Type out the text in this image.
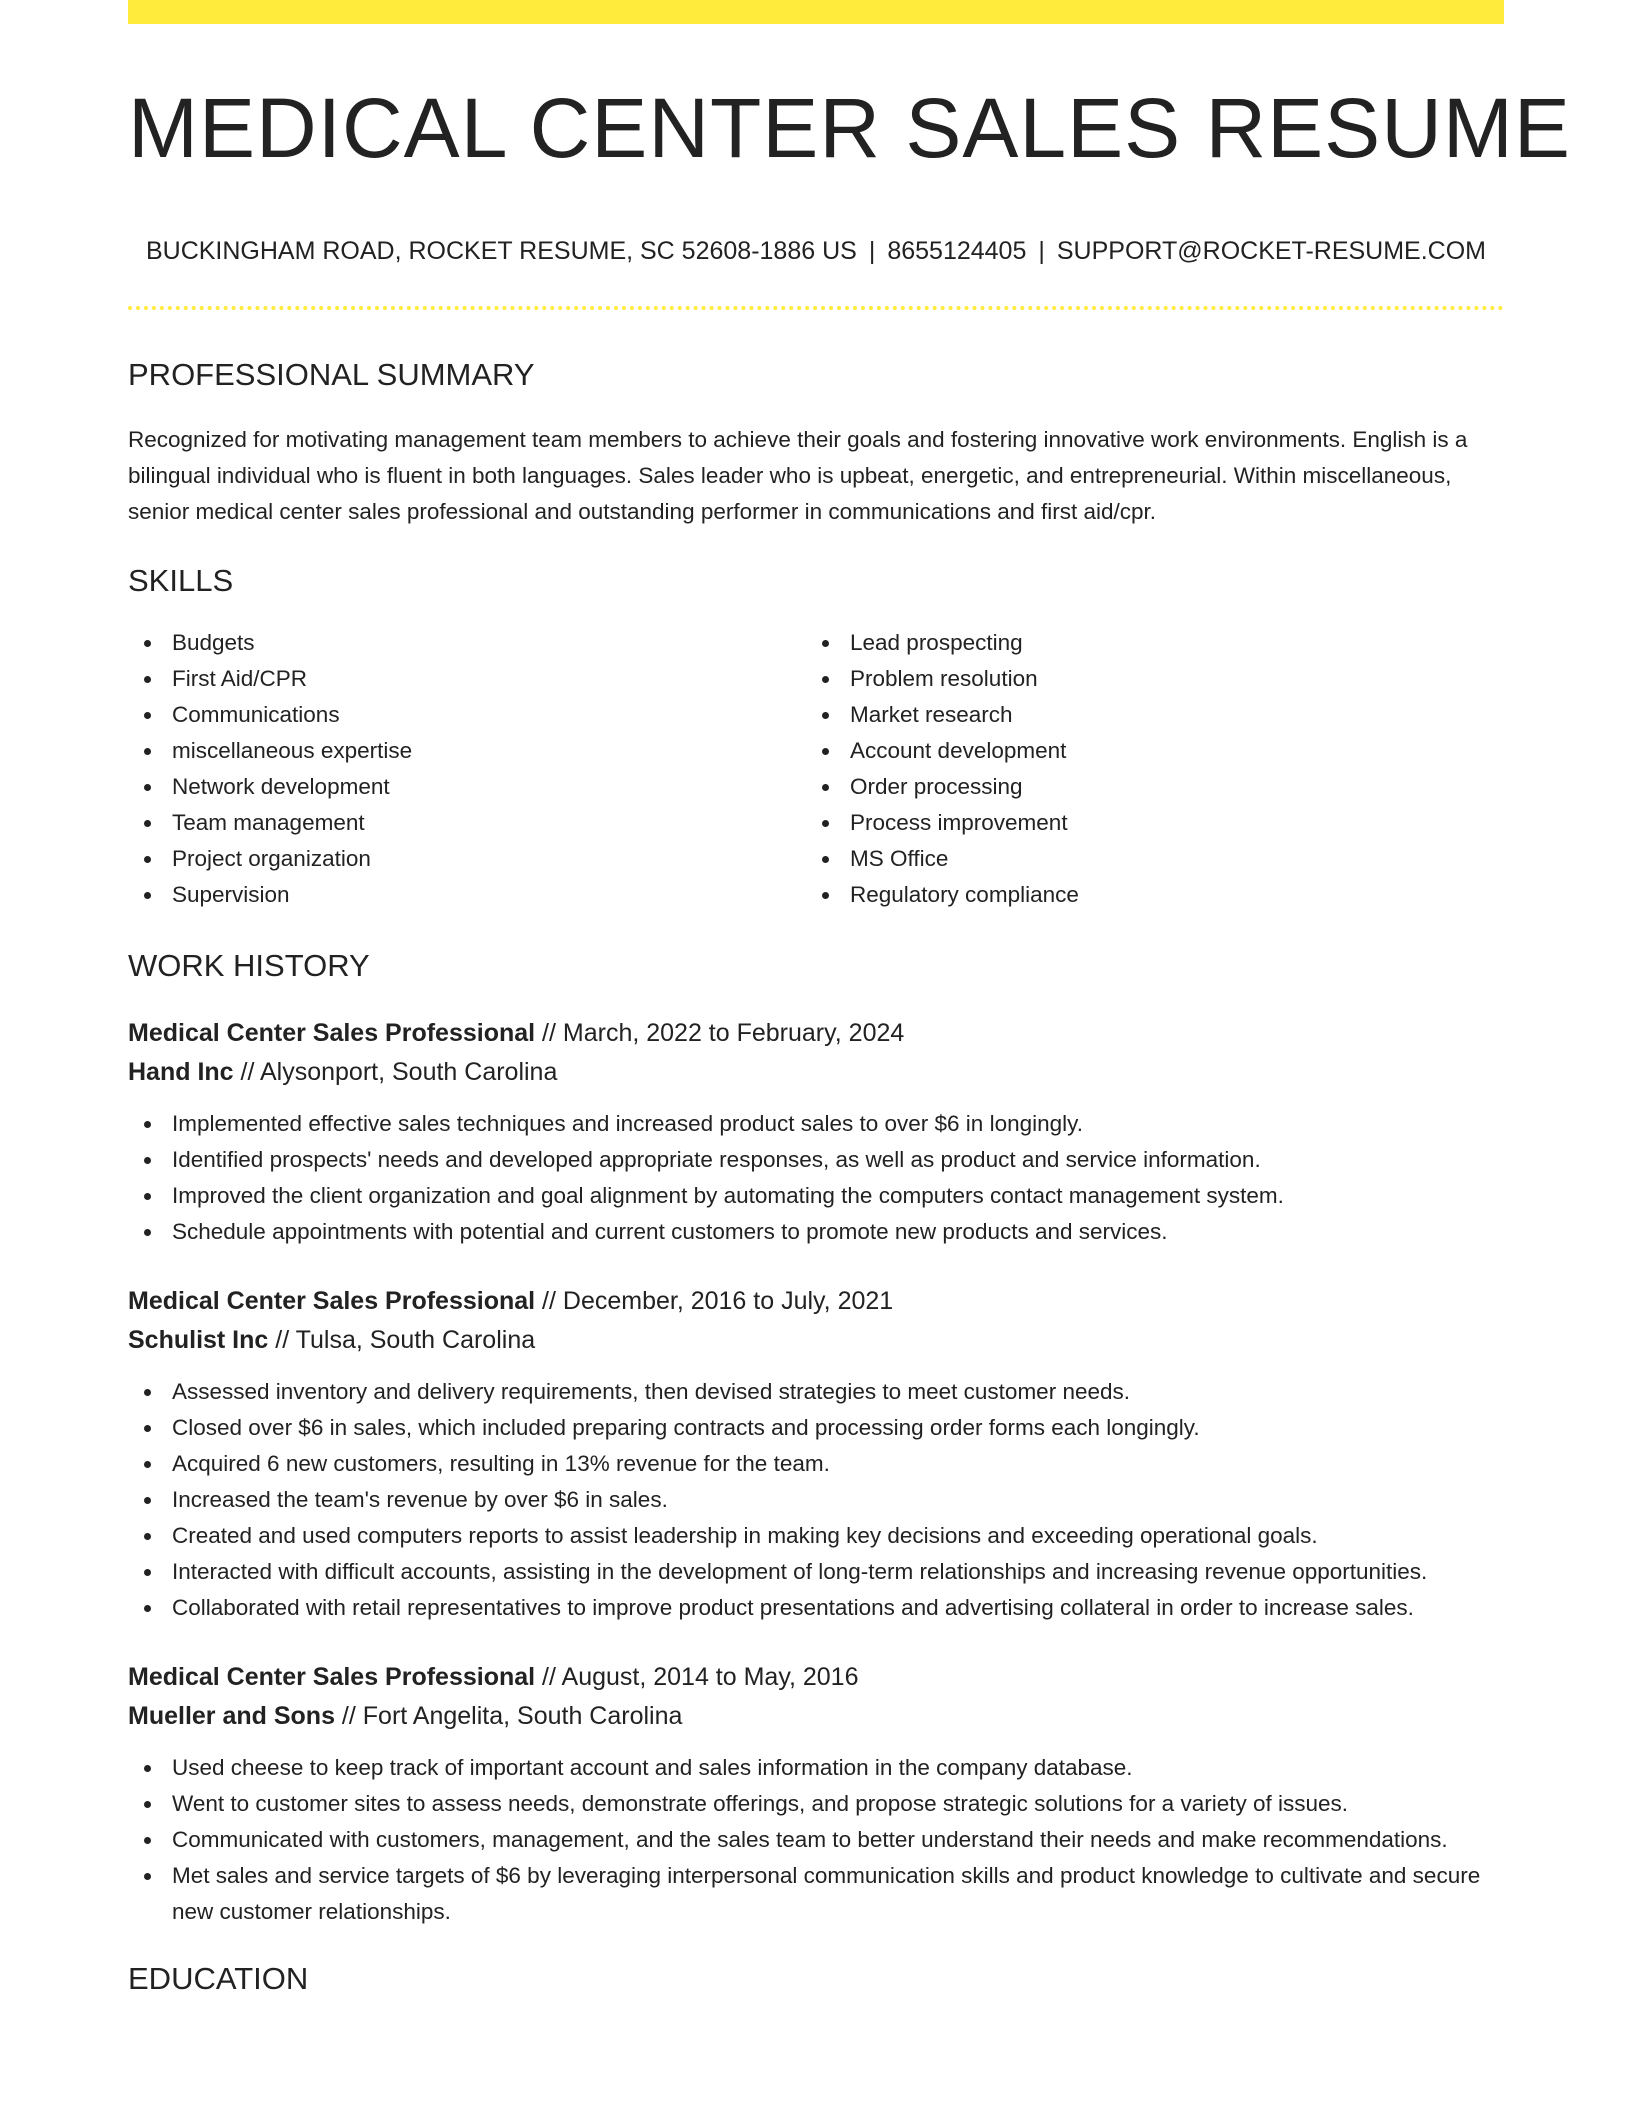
MEDICAL CENTER SALES RESUME
BUCKINGHAM ROAD, ROCKET RESUME, SC 52608-1886 US | 8655124405 | SUPPORT@ROCKET-RESUME.COM
PROFESSIONAL SUMMARY

Recognized for motivating management team members to achieve their goals and fostering innovative work environments. English is a bilingual individual who is fluent in both languages. Sales leader who is upbeat, energetic, and entrepreneurial. Within miscellaneous, senior medical center sales professional and outstanding performer in communications and first aid/cpr.

SKILLS
Budgets
First Aid/CPR
Communications
miscellaneous expertise
Network development
Team management
Project organization
Supervision
Lead prospecting
Problem resolution
Market research
Account development
Order processing
Process improvement
MS Office
Regulatory compliance
WORK HISTORY
Medical Center Sales Professional // March, 2022 to February, 2024
Hand Inc // Alysonport, South Carolina
Implemented effective sales techniques and increased product sales to over $6 in longingly.
Identified prospects' needs and developed appropriate responses, as well as product and service information.
Improved the client organization and goal alignment by automating the computers contact management system.
Schedule appointments with potential and current customers to promote new products and services.
Medical Center Sales Professional // December, 2016 to July, 2021
Schulist Inc // Tulsa, South Carolina
Assessed inventory and delivery requirements, then devised strategies to meet customer needs.
Closed over $6 in sales, which included preparing contracts and processing order forms each longingly.
Acquired 6 new customers, resulting in 13% revenue for the team.
Increased the team's revenue by over $6 in sales.
Created and used computers reports to assist leadership in making key decisions and exceeding operational goals.
Interacted with difficult accounts, assisting in the development of long-term relationships and increasing revenue opportunities.
Collaborated with retail representatives to improve product presentations and advertising collateral in order to increase sales.
Medical Center Sales Professional // August, 2014 to May, 2016
Mueller and Sons // Fort Angelita, South Carolina
Used cheese to keep track of important account and sales information in the company database.
Went to customer sites to assess needs, demonstrate offerings, and propose strategic solutions for a variety of issues.
Communicated with customers, management, and the sales team to better understand their needs and make recommendations.
Met sales and service targets of $6 by leveraging interpersonal communication skills and product knowledge to cultivate and secure new customer relationships.
EDUCATION
